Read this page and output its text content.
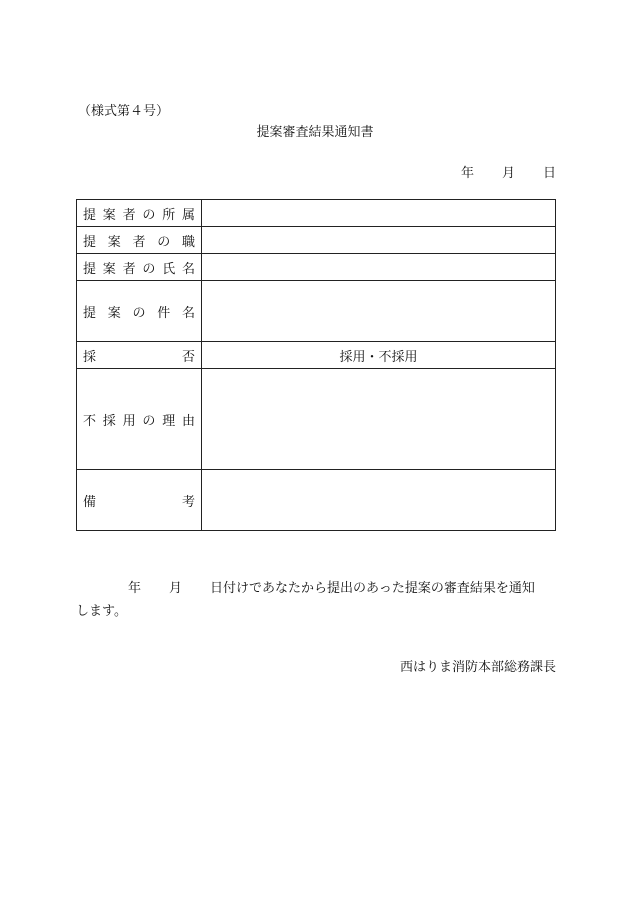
（様式第４号）
提案審査結果通知書
年 月 日
提案者の所属	

提案者の職	

提案者の氏名	

提案の件名	

採否	採用・不採用

不採用の理由	

備考	

年 月 日付けであなたから提出のあった提案の審査結果を通知
します。
西はりま消防本部総務課長
